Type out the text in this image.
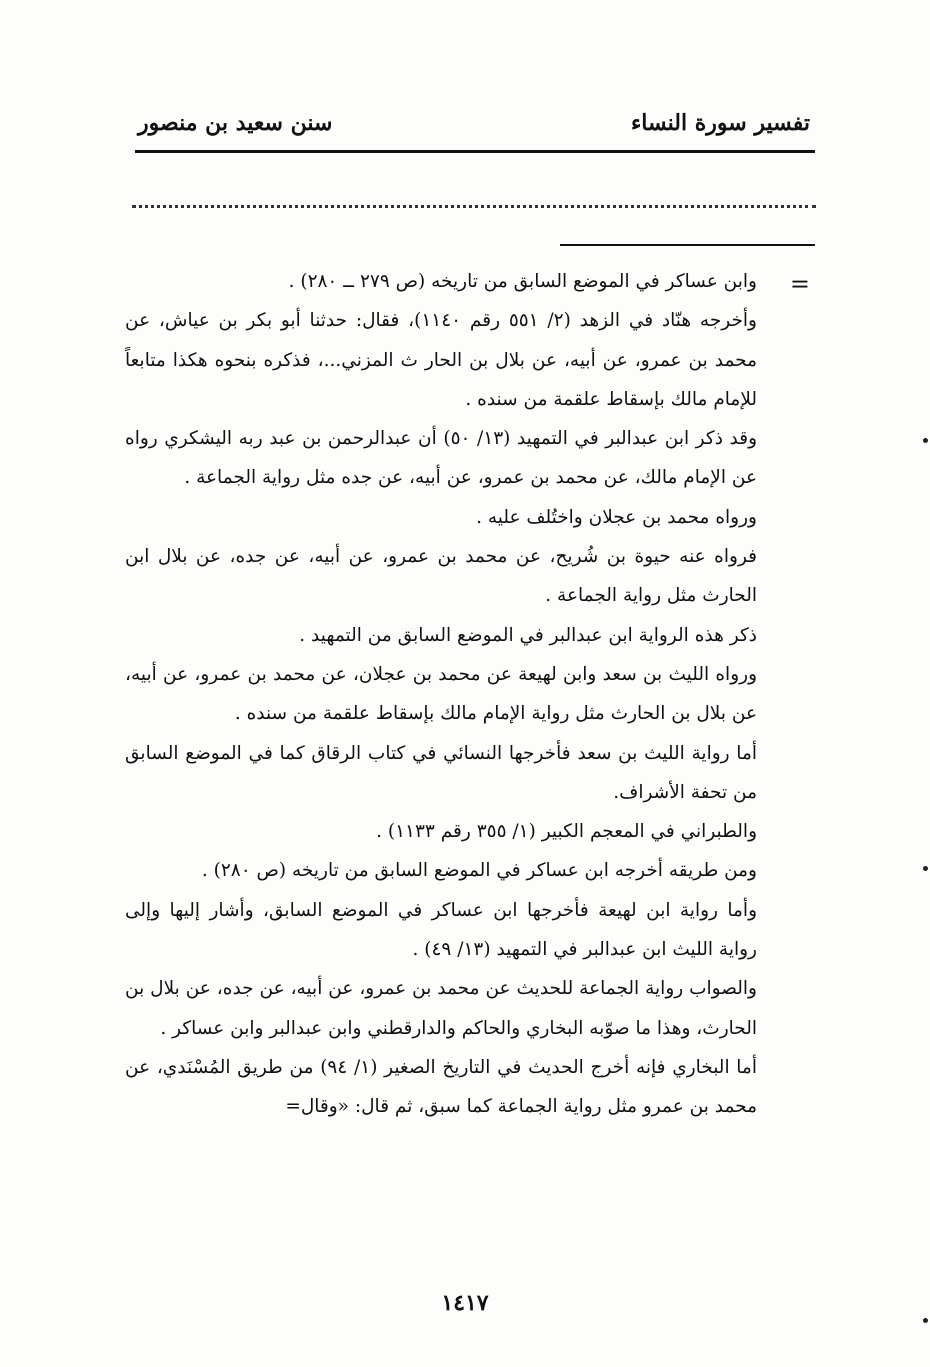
تفسير سورة النساء
سنن سعيد بن منصور
=

وابن عساكر في الموضع السابق من تاريخه (ص ٢٧٩ ــ ٢٨٠) .

وأخرجه هنّاد في الزهد (٢/ ٥٥١ رقم ١١٤٠)، فقال: حدثنا أبو بكر بن عياش، عن محمد بن عمرو، عن أبيه، عن بلال بن الحار ث المزني...، فذكره بنحوه هكذا متابعاً للإمام مالك بإسقاط علقمة من سنده .

وقد ذكر ابن عبدالبر في التمهيد (١٣/ ٥٠) أن عبدالرحمن بن عبد ربه اليشكري رواه عن الإمام مالك، عن محمد بن عمرو، عن أبيه، عن جده مثل رواية الجماعة .

ورواه محمد بن عجلان واختُلف عليه .

فرواه عنه حيوة بن شُريح، عن محمد بن عمرو، عن أبيه، عن جده، عن بلال ابن الحارث مثل رواية الجماعة .

ذكر هذه الرواية ابن عبدالبر في الموضع السابق من التمهيد .

ورواه الليث بن سعد وابن لهيعة عن محمد بن عجلان، عن محمد بن عمرو، عن أبيه، عن بلال بن الحارث مثل رواية الإمام مالك بإسقاط علقمة من سنده .

أما رواية الليث بن سعد فأخرجها النسائي في كتاب الرقاق كما في الموضع السابق من تحفة الأشراف.

والطبراني في المعجم الكبير (١/ ٣٥٥ رقم ١١٣٣) .

ومن طريقه أخرجه ابن عساكر في الموضع السابق من تاريخه (ص ٢٨٠) .

وأما رواية ابن لهيعة فأخرجها ابن عساكر في الموضع السابق، وأشار إليها وإلى رواية الليث ابن عبدالبر في التمهيد (١٣/ ٤٩) .

والصواب رواية الجماعة للحديث عن محمد بن عمرو، عن أبيه، عن جده، عن بلال بن الحارث، وهذا ما صوّبه البخاري والحاكم والدارقطني وابن عبدالبر وابن عساكر .

أما البخاري فإنه أخرج الحديث في التاريخ الصغير (١/ ٩٤) من طريق المُسْنَدي، عن محمد بن عمرو مثل رواية الجماعة كما سبق، ثم قال: «وقال=

١٤١٧
